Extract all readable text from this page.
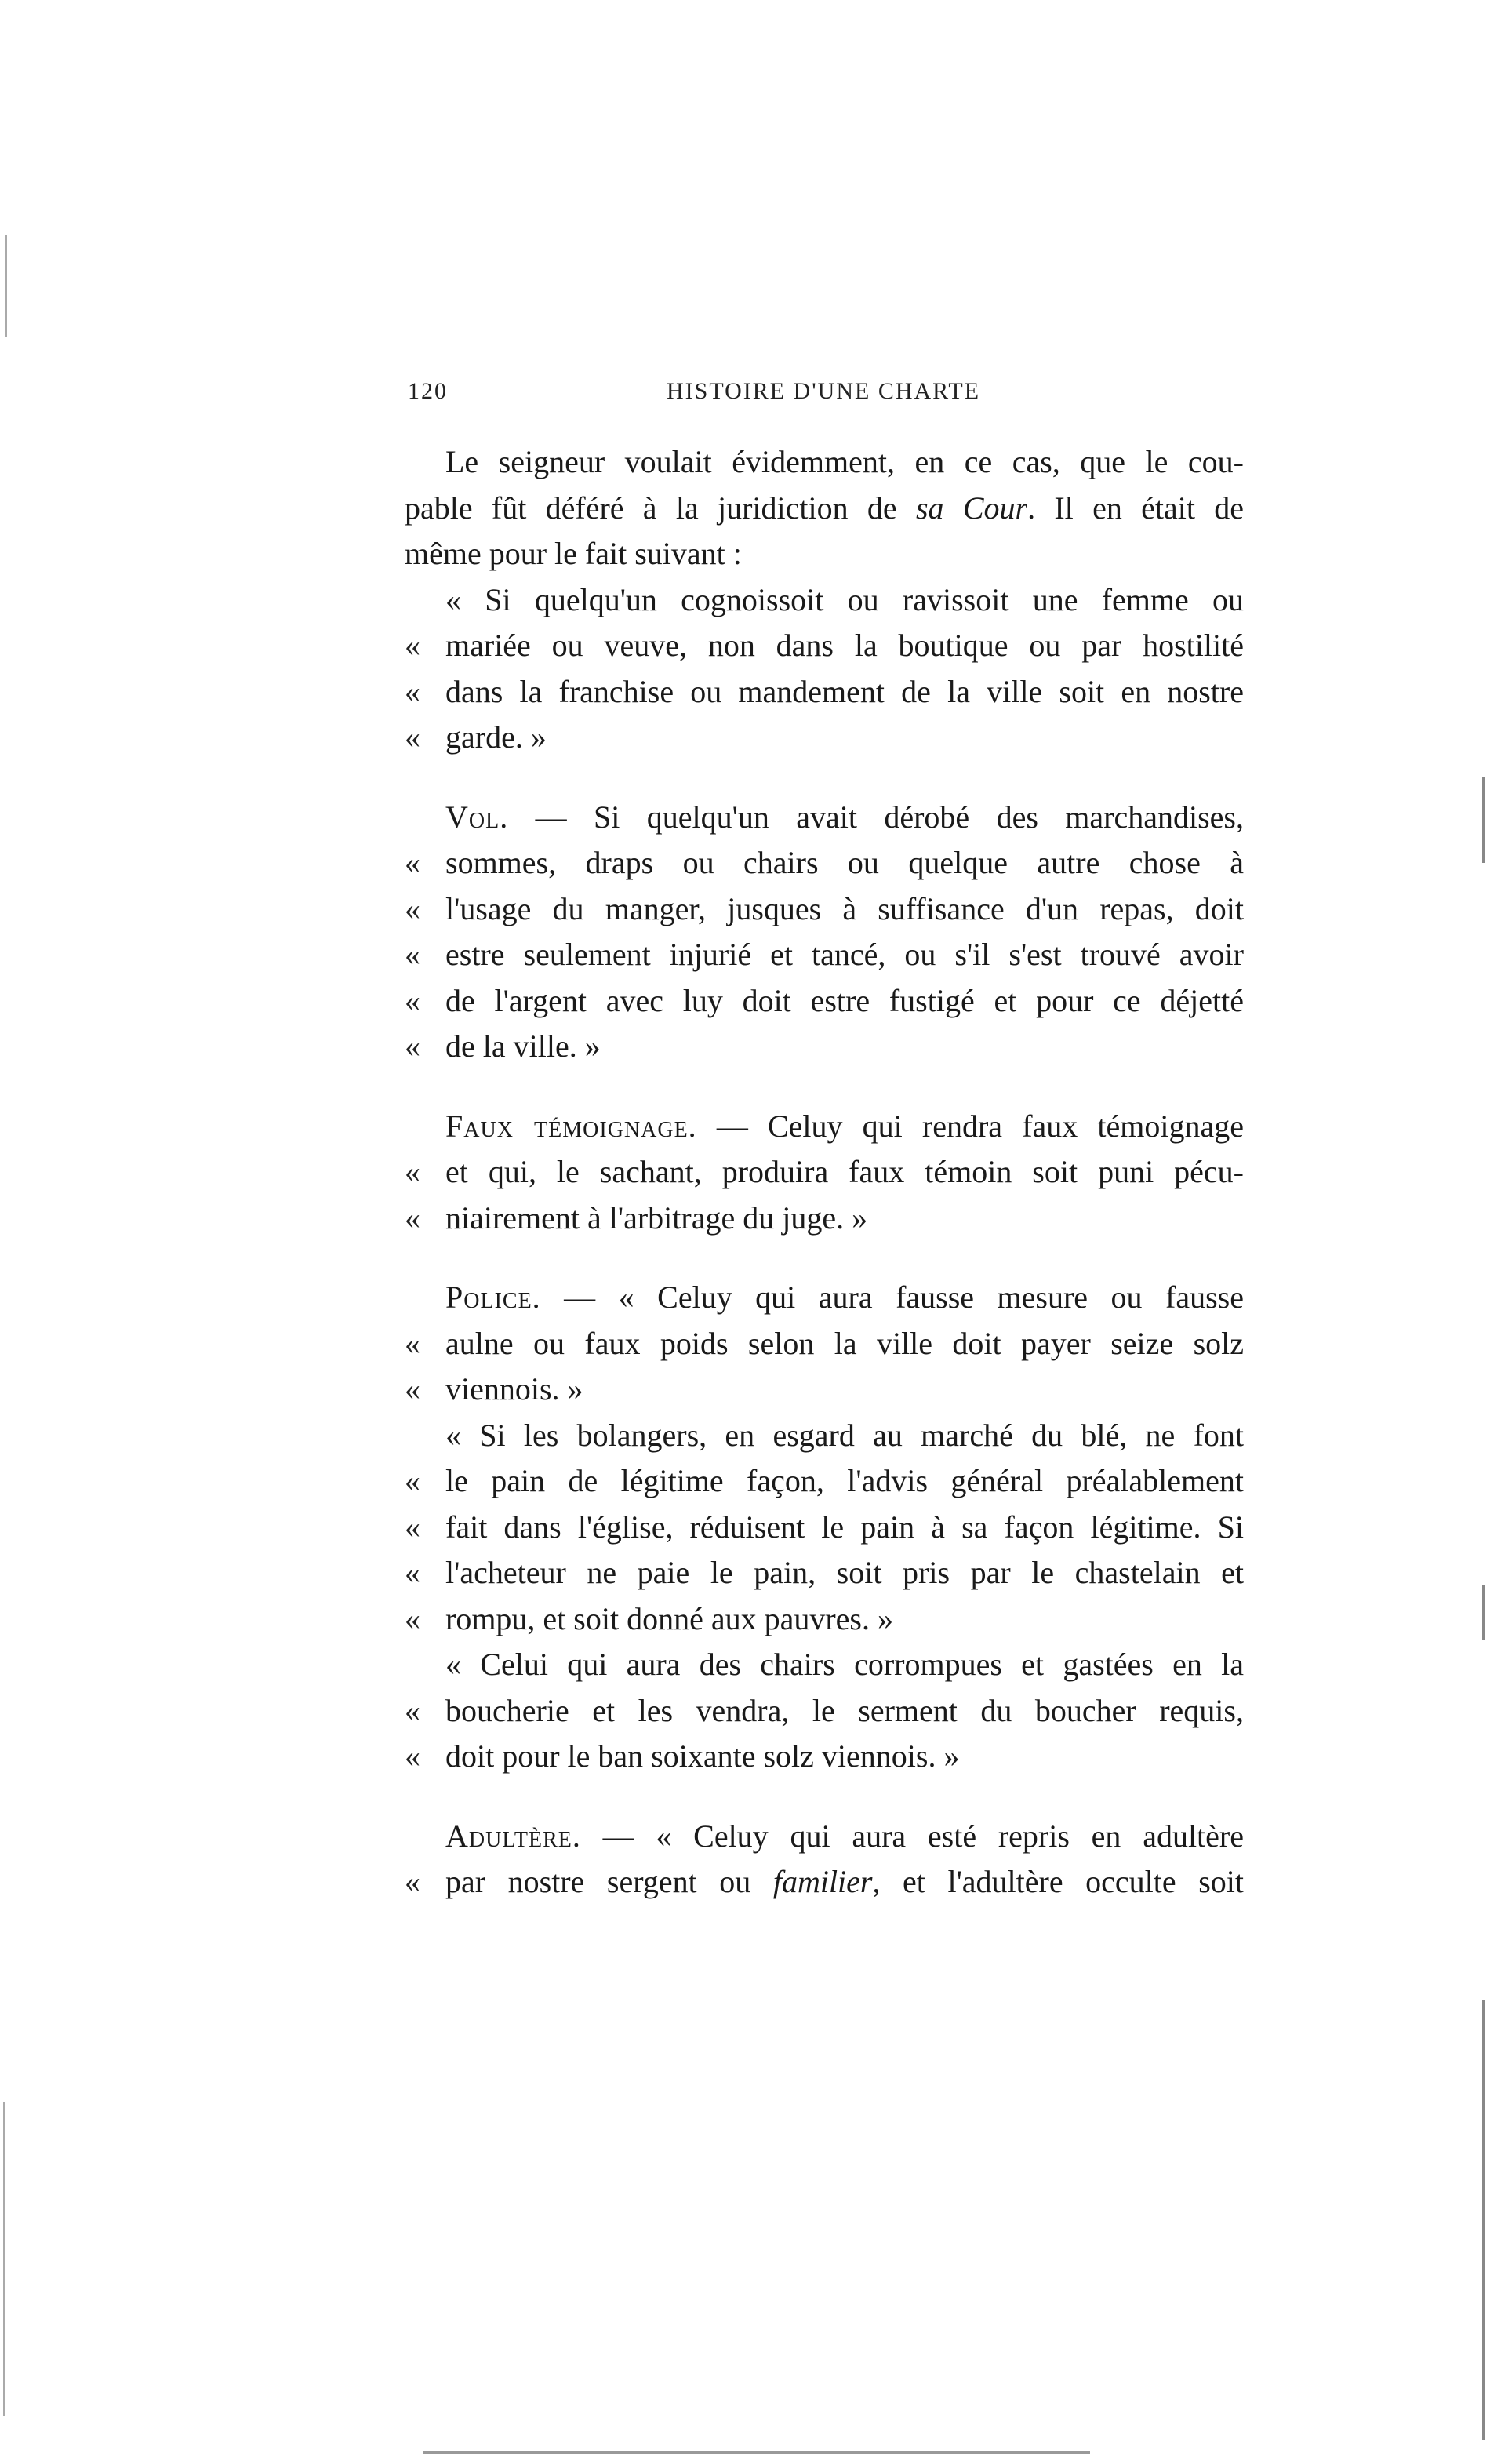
120	HISTOIRE D'UNE CHARTE
Le seigneur voulait évidemment, en ce cas, que le cou-
pable fût déféré à la juridiction de sa Cour. Il en était de
même pour le fait suivant :
« Si quelqu'un cognoissoit ou ravissoit une femme ou
« mariée ou veuve, non dans la boutique ou par hostilité
« dans la franchise ou mandement de la ville soit en nostre
« garde. »
Vol. — Si quelqu'un avait dérobé des marchandises,
« sommes, draps ou chairs ou quelque autre chose à
« l'usage du manger, jusques à suffisance d'un repas, doit
« estre seulement injurié et tancé, ou s'il s'est trouvé avoir
« de l'argent avec luy doit estre fustigé et pour ce déjetté
« de la ville. »
Faux témoignage. — Celuy qui rendra faux témoignage
« et qui, le sachant, produira faux témoin soit puni pécu-
« niairement à l'arbitrage du juge. »
Police. — « Celuy qui aura fausse mesure ou fausse
« aulne ou faux poids selon la ville doit payer seize solz
« viennois. »
« Si les bolangers, en esgard au marché du blé, ne font
« le pain de légitime façon, l'advis général préalablement
« fait dans l'église, réduisent le pain à sa façon légitime. Si
« l'acheteur ne paie le pain, soit pris par le chastelain et
« rompu, et soit donné aux pauvres. »
« Celui qui aura des chairs corrompues et gastées en la
« boucherie et les vendra, le serment du boucher requis,
« doit pour le ban soixante solz viennois. »
Adultère. — « Celuy qui aura esté repris en adultère
« par nostre sergent ou familier, et l'adultère occulte soit
